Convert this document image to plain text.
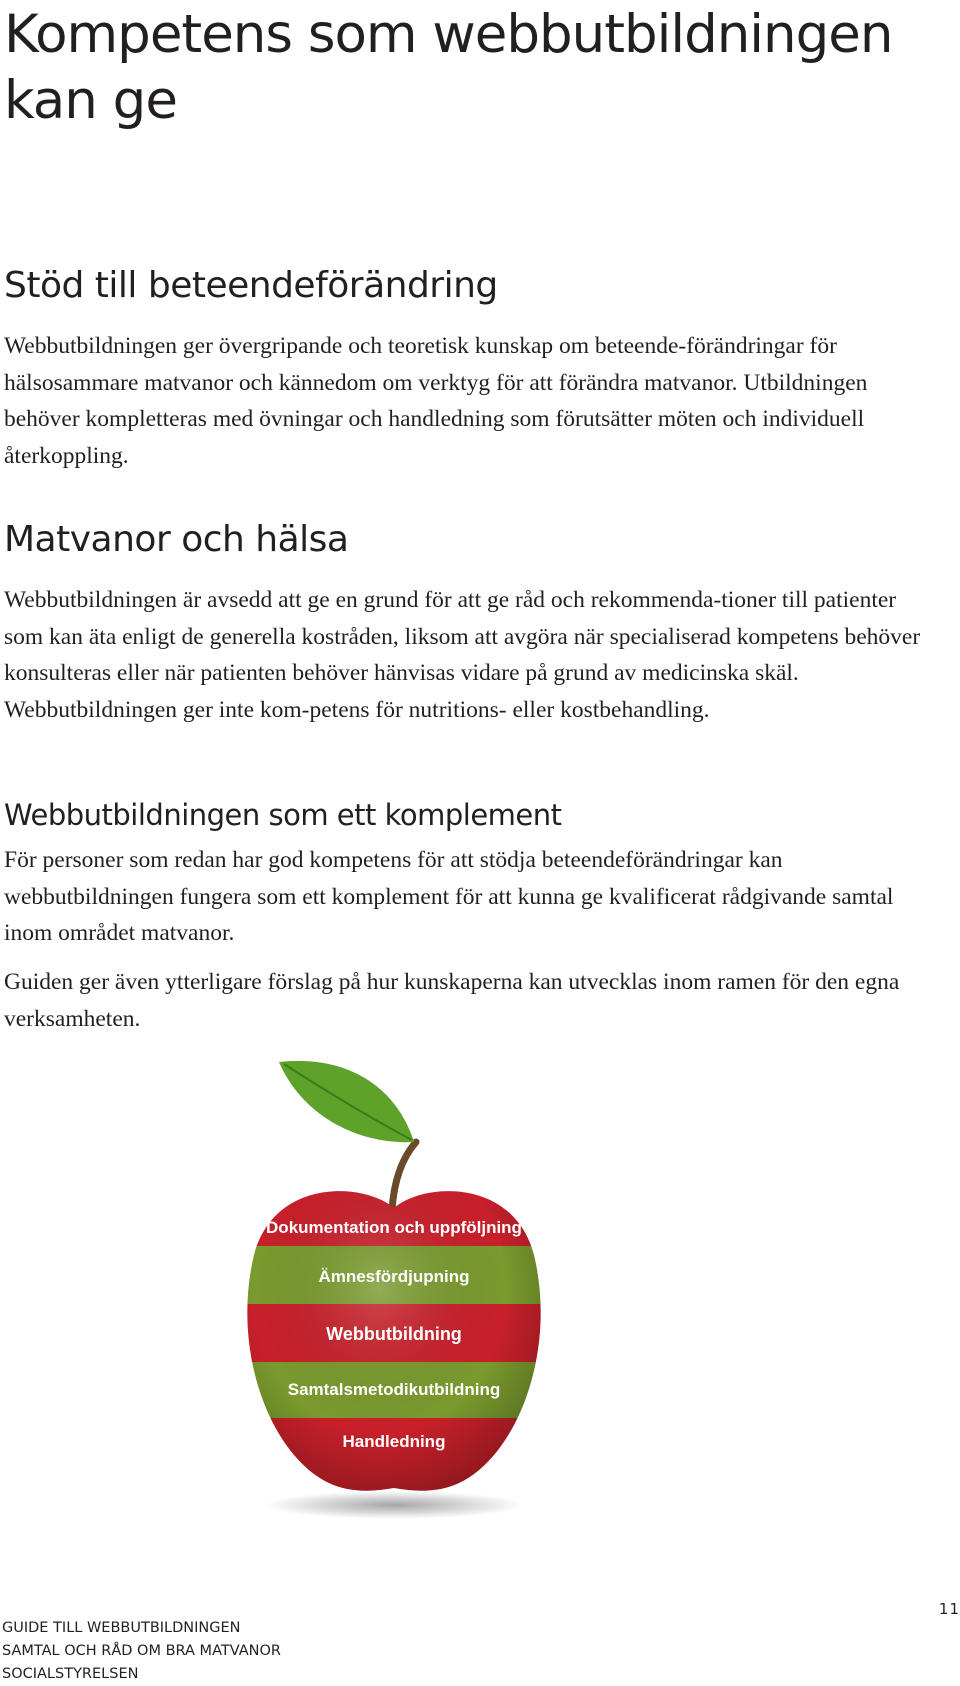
Kompetens som webbutbildningen kan ge
Stöd till beteendeförändring

Webbutbildningen ger övergripande och teoretisk kunskap om beteende-förändringar för hälsosammare matvanor och kännedom om verktyg för att förändra matvanor. Utbildningen behöver kompletteras med övningar och handledning som förutsätter möten och individuell återkoppling.

Matvanor och hälsa

Webbutbildningen är avsedd att ge en grund för att ge råd och rekommenda-tioner till patienter som kan äta enligt de generella kostråden, liksom att avgöra när specialiserad kompetens behöver konsulteras eller när patienten behöver hänvisas vidare på grund av medicinska skäl. Webbutbildningen ger inte kom-petens för nutritions- eller kostbehandling.

Webbutbildningen som ett komplement

För personer som redan har god kompetens för att stödja beteendeförändringar kan webbutbildningen fungera som ett komplement för att kunna ge kvalificerat rådgivande samtal inom området matvanor.

Guiden ger även ytterligare förslag på hur kunskaperna kan utvecklas inom ramen för den egna verksamheten.

Dokumentation och uppföljning
Ämnesfördjupning
Webbutbildning
Samtalsmetodikutbildning
Handledning
GUIDE TILL WEBBUTBILDNINGEN
SAMTAL OCH RÅD OM BRA MATVANOR
SOCIALSTYRELSEN
11
